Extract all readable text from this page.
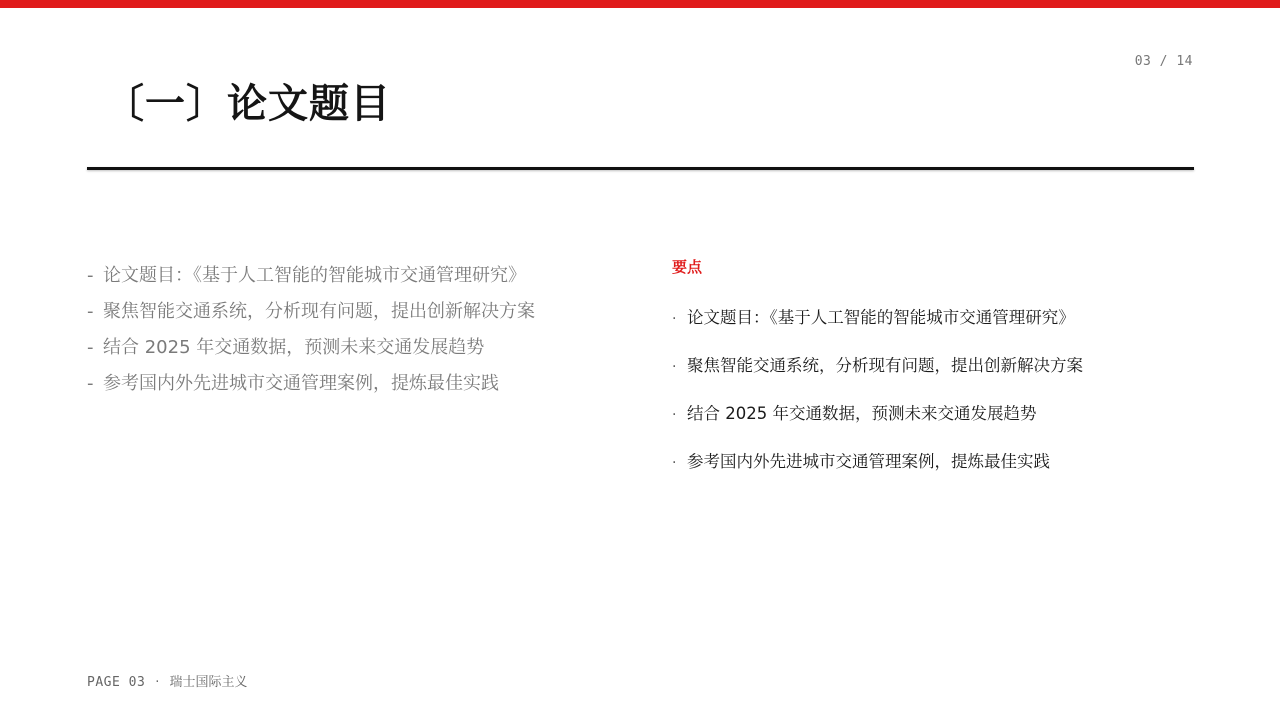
03 / 14
〔一〕论文题目
- 论文题目：《基于人工智能的智能城市交通管理研究》
- 聚焦智能交通系统，分析现有问题，提出创新解决方案
- 结合 2025 年交通数据，预测未来交通发展趋势
- 参考国内外先进城市交通管理案例，提炼最佳实践
要点
· 论文题目：《基于人工智能的智能城市交通管理研究》
· 聚焦智能交通系统，分析现有问题，提出创新解决方案
· 结合 2025 年交通数据，预测未来交通发展趋势
· 参考国内外先进城市交通管理案例，提炼最佳实践
PAGE 03 · 瑞士国际主义
